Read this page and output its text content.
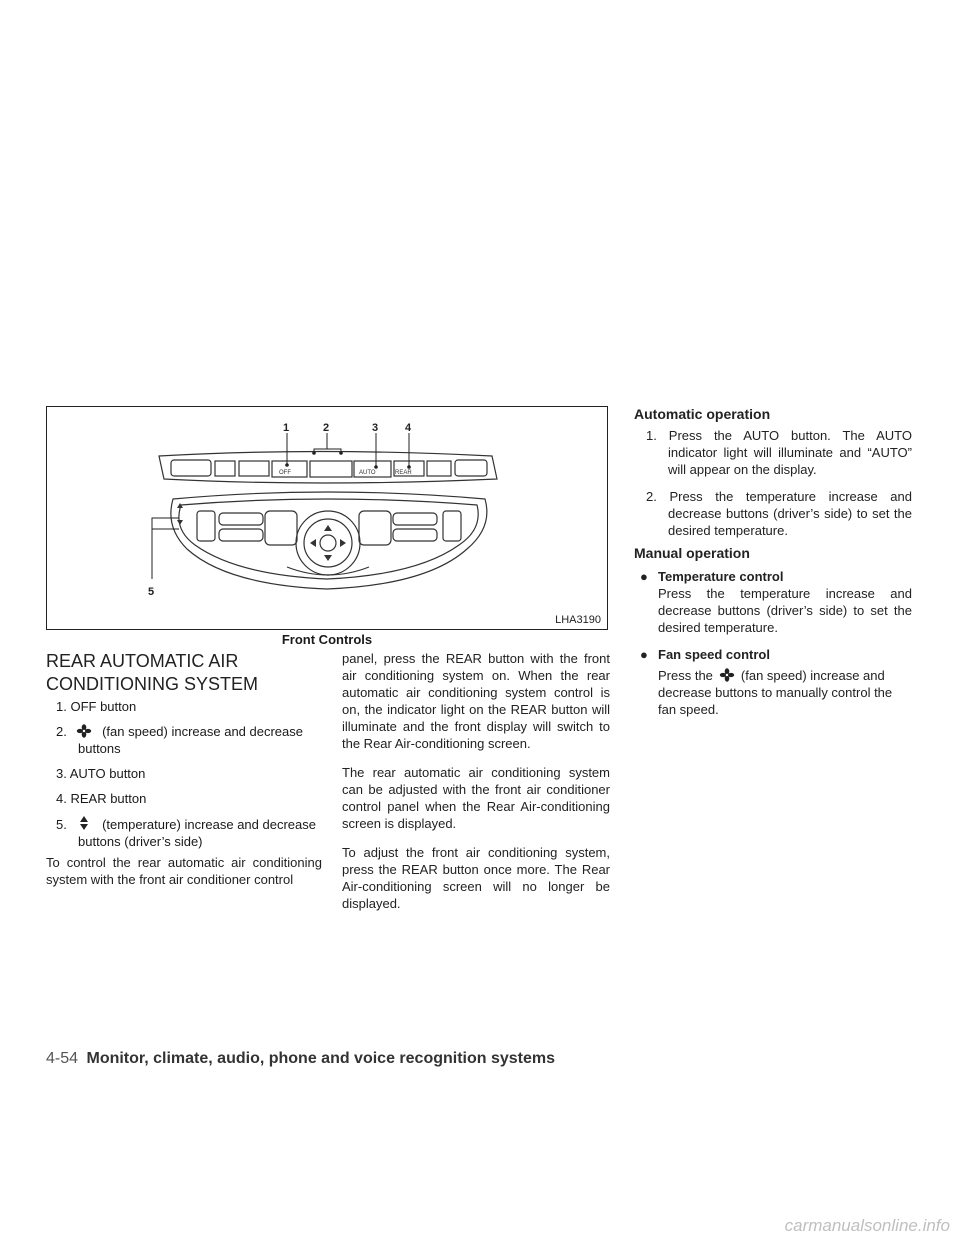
OFF	AUTO	REAR
1	2	3 4
5
LHA3190
Front Controls
REAR AUTOMATIC AIR
CONDITIONING SYSTEM
1. OFF button
2.	(fan speed) increase and decrease buttons
3. AUTO button
4. REAR button
5.	(temperature) increase and decrease buttons (driver’s side)
To control the rear automatic air conditioning system with the front air conditioner control
panel, press the REAR button with the front air conditioning system on. When the rear automatic air conditioning system control is on, the indicator light on the REAR button will illuminate and the front display will switch to the Rear Air-conditioning screen.
The rear automatic air conditioning system can be adjusted with the front air conditioner control panel when the Rear Air-conditioning screen is displayed.
To adjust the front air conditioning system, press the REAR button once more. The Rear Air-conditioning screen will no longer be displayed.
Automatic operation
1. Press the AUTO button. The AUTO indicator light will illuminate and “AUTO” will appear on the display.
2. Press the temperature increase and decrease buttons (driver’s side) to set the desired temperature.
Manual operation
● Temperature control
Press the temperature increase and decrease buttons (driver’s side) to set the desired temperature.
● Fan speed control
Press the (fan speed) increase and decrease buttons to manually control the fan speed.
4-54 Monitor, climate, audio, phone and voice recognition systems
carmanualsonline.info
